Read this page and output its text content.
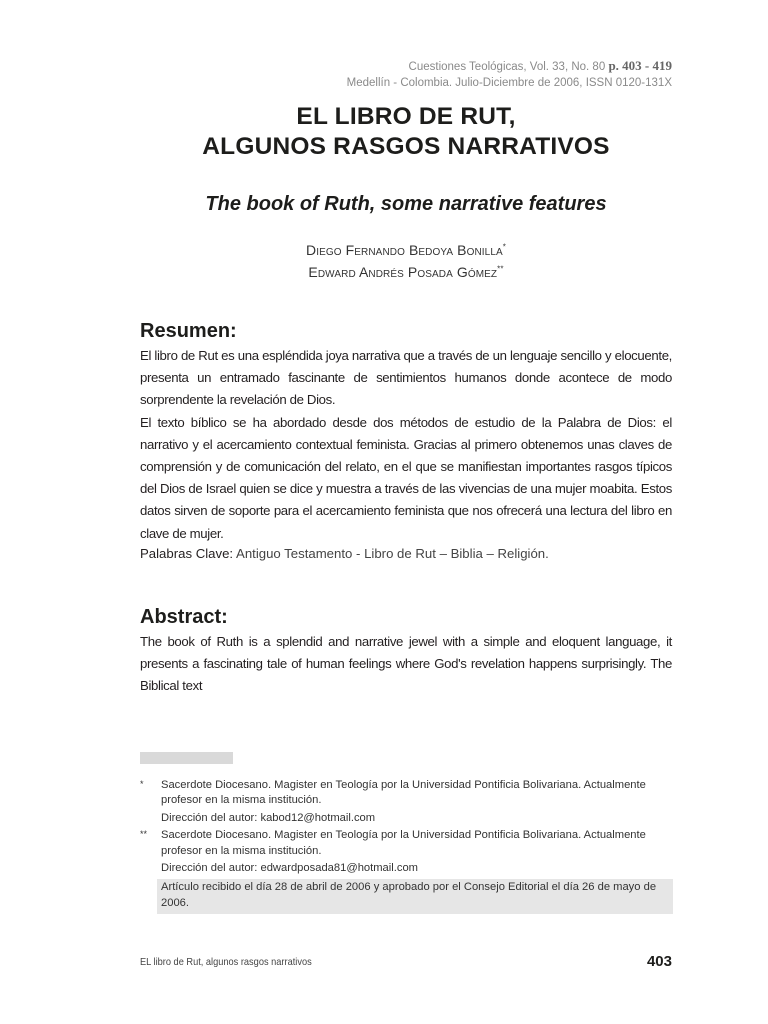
Cuestiones Teológicas, Vol. 33, No. 80 p. 403 - 419
Medellín - Colombia. Julio-Diciembre de 2006, ISSN 0120-131X
EL LIBRO DE RUT,
ALGUNOS RASGOS NARRATIVOS
The book of Ruth, some narrative features
Diego Fernando Bedoya Bonilla*
Edward Andrés Posada Gómez**
Resumen:

El libro de Rut es una espléndida joya narrativa que a través de un lenguaje sencillo y elocuente, presenta un entramado fascinante de sentimientos humanos donde acontece de modo sorprendente la revelación de Dios.

El texto bíblico se ha abordado desde dos métodos de estudio de la Palabra de Dios: el narrativo y el acercamiento contextual feminista. Gracias al primero obtenemos unas claves de comprensión y de comunicación del relato, en el que se manifiestan importantes rasgos típicos del Dios de Israel quien se dice y muestra a través de las vivencias de una mujer moabita. Estos datos sirven de soporte para el acercamiento feminista que nos ofrecerá una lectura del libro en clave de mujer.

Palabras Clave: Antiguo Testamento - Libro de Rut – Biblia – Religión.
Abstract:

The book of Ruth is a splendid and narrative jewel with a simple and eloquent language, it presents a fascinating tale of human feelings where God's revelation happens surprisingly. The Biblical text

* Sacerdote Diocesano. Magister en Teología por la Universidad Pontificia Bolivariana. Actualmente profesor en la misma institución.

Dirección del autor: kabod12@hotmail.com

** Sacerdote Diocesano. Magister en Teología por la Universidad Pontificia Bolivariana. Actualmente profesor en la misma institución.

Dirección del autor: edwardposada81@hotmail.com

Artículo recibido el día 28 de abril de 2006 y aprobado por el Consejo Editorial el día 26 de mayo de 2006.
EL libro de Rut, algunos rasgos narrativos	403
